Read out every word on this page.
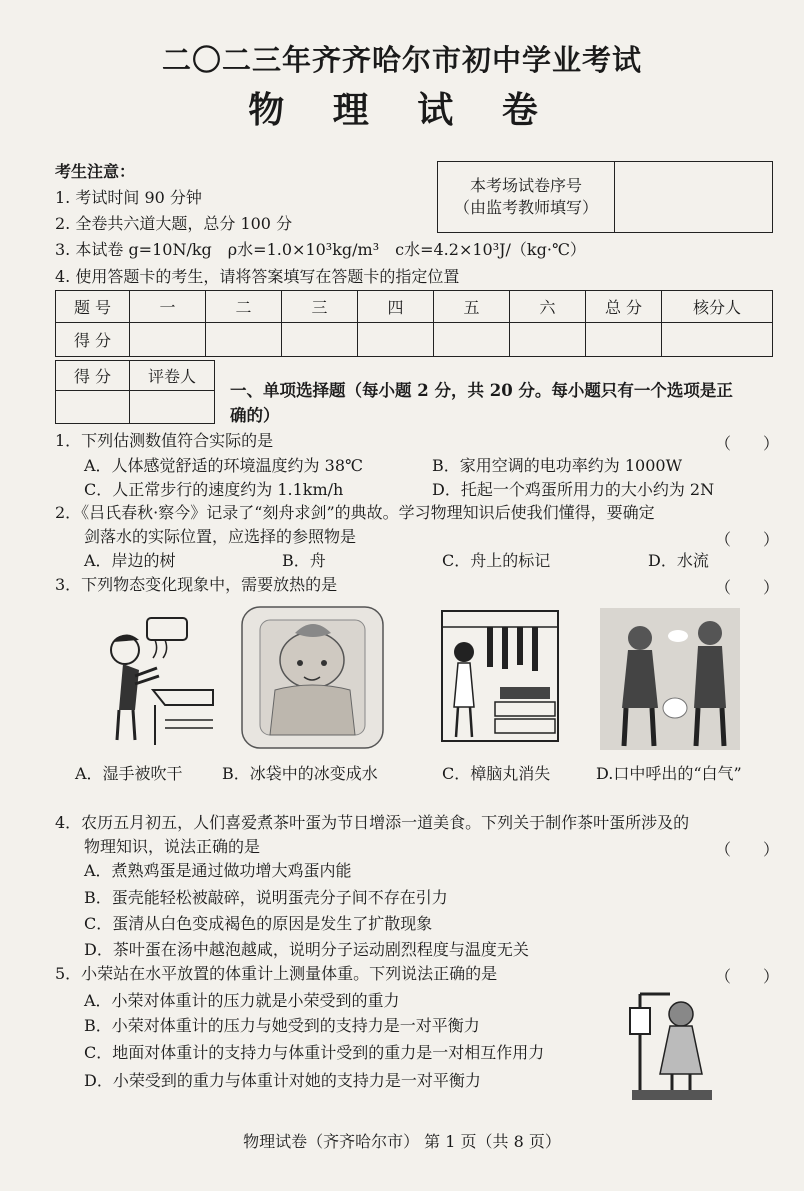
二〇二三年齐齐哈尔市初中学业考试
物 理 试 卷
考生注意：
1. 考试时间 90 分钟
2. 全卷共六道大题，总分 100 分
3. 本试卷 g=10N/kg　ρ水=1.0×10³kg/m³　c水=4.2×10³J/（kg·℃）
4. 使用答题卡的考生，请将答案填写在答题卡的指定位置
本考场试卷序号
（由监考教师填写）

题 号	一	二	三	四	五	六	总 分	核分人
得 分								
得 分	评卷人

一、单项选择题（每小题 2 分，共 20 分。每小题只有一个选项是正
确的）
1．下列估测数值符合实际的是	（　　）
A．人体感觉舒适的环境温度约为 38℃	B．家用空调的电功率约为 1000W
C．人正常步行的速度约为 1.1km/h	D．托起一个鸡蛋所用力的大小约为 2N
2．《吕氏春秋·察今》记录了“刻舟求剑”的典故。学习物理知识后使我们懂得，要确定
剑落水的实际位置，应选择的参照物是	（　　）
A．岸边的树	B．舟	C．舟上的标记	D．水流
3．下列物态变化现象中，需要放热的是	（　　）
A．湿手被吹干 B．冰袋中的冰变成水	C．樟脑丸消失	D.口中呼出的“白气”
4．农历五月初五，人们喜爱煮茶叶蛋为节日增添一道美食。下列关于制作茶叶蛋所涉及的
物理知识，说法正确的是	（　　）
A．煮熟鸡蛋是通过做功增大鸡蛋内能
B．蛋壳能轻松被敲碎，说明蛋壳分子间不存在引力
C．蛋清从白色变成褐色的原因是发生了扩散现象
D．茶叶蛋在汤中越泡越咸，说明分子运动剧烈程度与温度无关
5．小荣站在水平放置的体重计上测量体重。下列说法正确的是	（　　）
A．小荣对体重计的压力就是小荣受到的重力
B．小荣对体重计的压力与她受到的支持力是一对平衡力
C．地面对体重计的支持力与体重计受到的重力是一对相互作用力
D．小荣受到的重力与体重计对她的支持力是一对平衡力
物理试卷（齐齐哈尔市） 第 1 页（共 8 页）
